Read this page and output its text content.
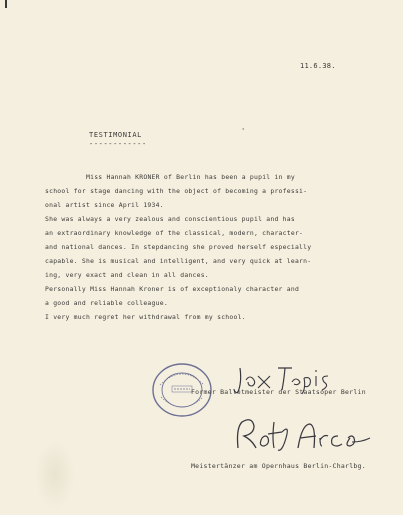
11.6.38.
TESTIMONIAL
------------
'
Miss Hannah KRONER of Berlin has been a pupil in my
school for stage dancing with the object of becoming a professi-
onal artist since April 1934.
She was always a very zealous and conscientious pupil and has
an extraordinary knowledge of the classical, modern, character-
and national dances. In stepdancing she proved herself especially
capable. She is musical and intelligent, and very quick at learn-
ing, very exact and clean in all dances.
Personally Miss Hannah Kroner is of exceptionaly character and
a good and reliable colleague.
I very much regret her withdrawal from my school.
Former Balletmeister der Staatsoper Berlin
Meistertänzer am Opernhaus Berlin-Charlbg.
